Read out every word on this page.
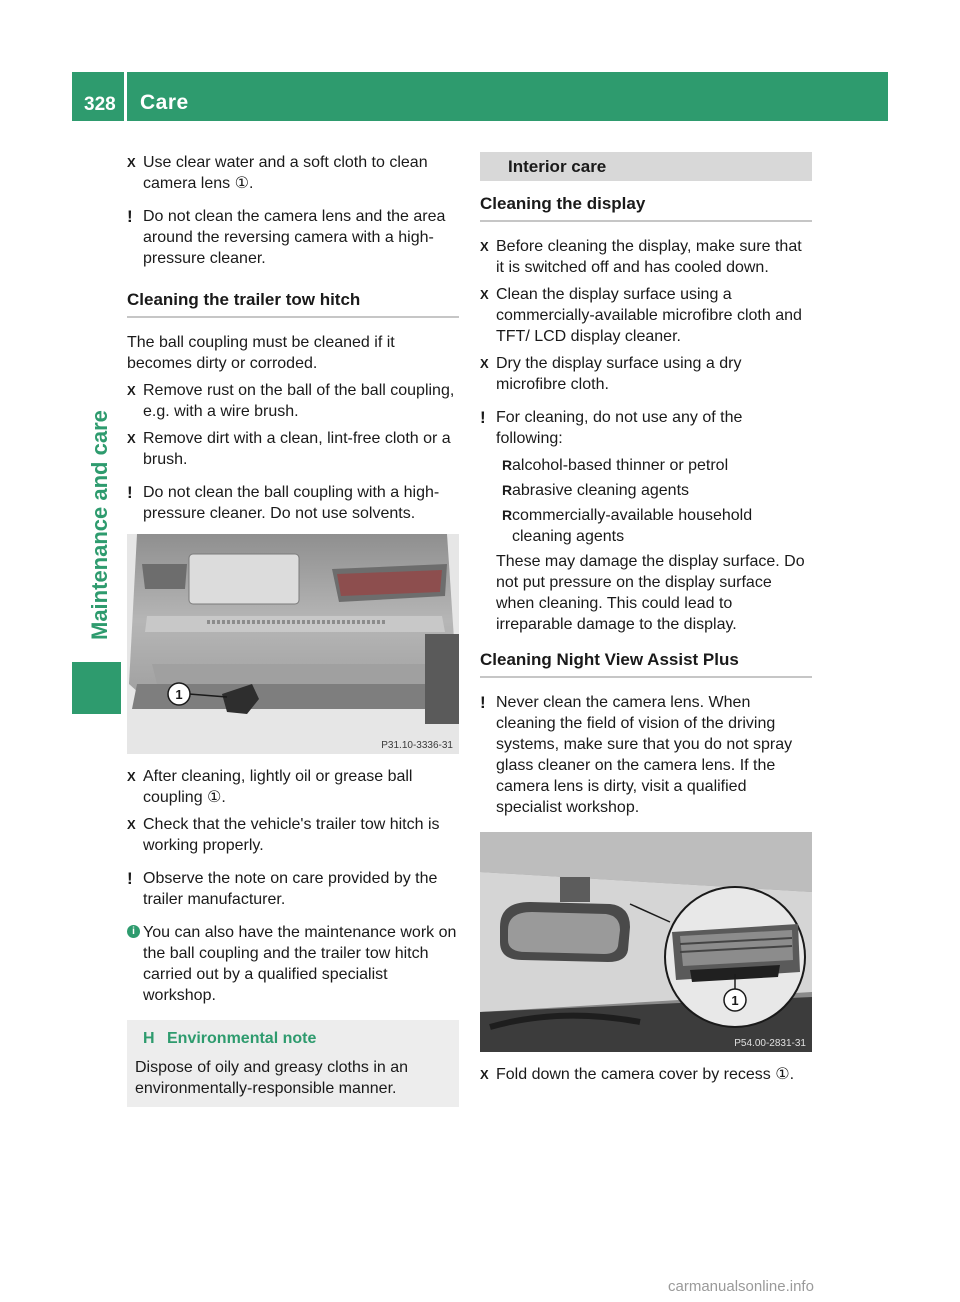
328 Care
Maintenance and care
X Use clear water and a soft cloth to clean camera lens ①.
! Do not clean the camera lens and the area around the reversing camera with a high-pressure cleaner.
Cleaning the trailer tow hitch
The ball coupling must be cleaned if it becomes dirty or corroded.
X Remove rust on the ball of the ball coupling, e.g. with a wire brush.
X Remove dirt with a clean, lint-free cloth or a brush.
! Do not clean the ball coupling with a high-pressure cleaner. Do not use solvents.
1
P31.10-3336-31
X After cleaning, lightly oil or grease ball coupling ①.
X Check that the vehicle's trailer tow hitch is working properly.
! Observe the note on care provided by the trailer manufacturer.
i You can also have the maintenance work on the ball coupling and the trailer tow hitch carried out by a qualified specialist workshop.
H Environmental note
Dispose of oily and greasy cloths in an environmentally-responsible manner.
Interior care
Cleaning the display
X Before cleaning the display, make sure that it is switched off and has cooled down.
X Clean the display surface using a commercially-available microfibre cloth and TFT/ LCD display cleaner.
X Dry the display surface using a dry microfibre cloth.
! For cleaning, do not use any of the following:
R alcohol-based thinner or petrol
R abrasive cleaning agents
R commercially-available household cleaning agents
These may damage the display surface. Do not put pressure on the display surface when cleaning. This could lead to irreparable damage to the display.
Cleaning Night View Assist Plus
! Never clean the camera lens. When cleaning the field of vision of the driving systems, make sure that you do not spray glass cleaner on the camera lens. If the camera lens is dirty, visit a qualified specialist workshop.
1
P54.00-2831-31
X Fold down the camera cover by recess ①.
carmanualsonline.info
